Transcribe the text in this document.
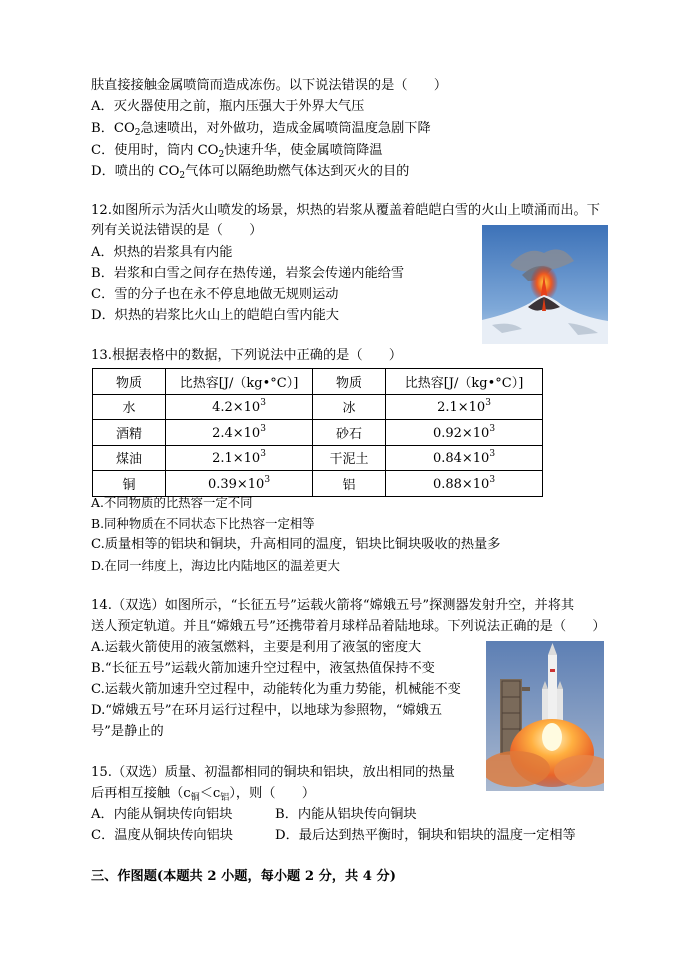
肤直接接触金属喷筒而造成冻伤。以下说法错误的是（　　）
A．灭火器使用之前，瓶内压强大于外界大气压
B．$CO_2$急速喷出，对外做功，造成金属喷筒温度急剧下降
C．使用时，筒内 $CO_2$快速升华，使金属喷筒降温
D．喷出的 $CO_2$气体可以隔绝助燃气体达到灭火的目的
12.如图所示为活火山喷发的场景，炽热的岩浆从覆盖着皑皑白雪的火山上喷涌而出。下
列有关说法错误的是（　　）
A．炽热的岩浆具有内能
B．岩浆和白雪之间存在热传递，岩浆会传递内能给雪
C．雪的分子也在永不停息地做无规则运动
D．炽热的岩浆比火山上的皑皑白雪内能大
13.根据表格中的数据，下列说法中正确的是（　　）
物质	比热容[J/（kg•°C）]	物质	比热容[J/（kg•°C）]
水	$4.2\times 10^3$	冰	$2.1\times 10^3$
酒精	$2.4\times 10^3$	砂石	$0.92\times 10^3$
煤油	$2.1\times 10^3$	干泥土	$0.84\times 10^3$
铜	$0.39\times 10^3$	铝	$0.88\times 10^3$
A.不同物质的比热容一定不同
B.同种物质在不同状态下比热容一定相等
C.质量相等的铝块和铜块，升高相同的温度，铝块比铜块吸收的热量多
D.在同一纬度上，海边比内陆地区的温差更大
14.（双选）如图所示，“长征五号”运载火箭将“嫦娥五号”探测器发射升空，并将其
送人预定轨道。并且“嫦娥五号”还携带着月球样品着陆地球。下列说法正确的是（　　）
A.运载火箭使用的液氢燃料，主要是利用了液氢的密度大
B.“长征五号”运载火箭加速升空过程中，液氢热值保持不变
C.运载火箭加速升空过程中，动能转化为重力势能，机械能不变
D.“嫦娥五号”在环月运行过程中，以地球为参照物，“嫦娥五
号”是静止的
15.（双选）质量、初温都相同的铜块和铝块，放出相同的热量
后再相互接触$(c_铜<c_铝)$，则（　　）
A．内能从铜块传向铝块	B．内能从铝块传向铜块
C．温度从铜块传向铝块	D．最后达到热平衡时，铜块和铝块的温度一定相等
三、作图题(本题共 2 小题，每小题 2 分，共 4 分)
